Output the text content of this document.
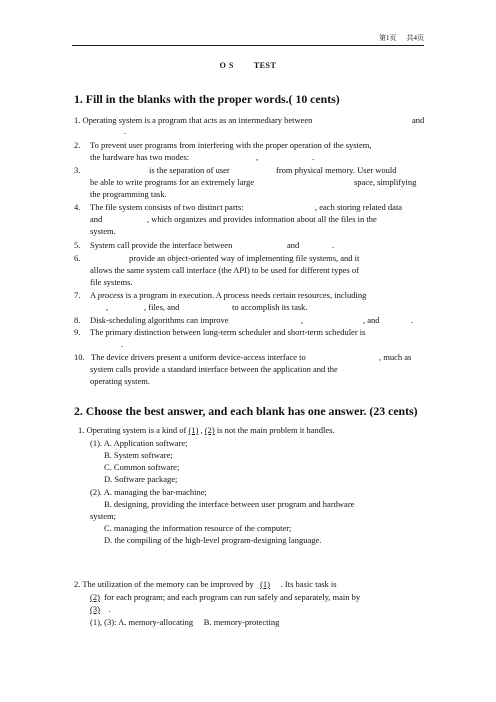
第1页 共4页
O S	TEST
1. Fill in the blanks with the proper words.( 10 cents)
1. Operating system is a program that acts as an intermediary between	and
.
2. To prevent user programs from interfering with the proper operation of the system,
the hardware has two modes:	,	.
3.	is the separation of user	from physical memory. User would
be able to write programs for an extremely large	space, simplifying
the programming task.
4. The file system consists of two distinct parts:	, each storing related data
and	, which organizes and provides information about all the files in the
system.
5. System call provide the interface between	and	.
6.	provide an object-oriented way of implementing file systems, and it
allows the same system call interface (the API) to be used for different types of
file systems.
7. A process is a program in execution. A process needs certain resources, including
,	, files, and	to accomplish its task.
8. Disk-scheduling algorithms can improve	,	, and	.
9. The primary distinction between long-term scheduler and short-term scheduler is
.
10. The device drivers present a uniform device-access interface to	, much as
system calls provide a standard interface between the application and the
operating system.
2. Choose the best answer, and each blank has one answer. (23 cents)
1. Operating system is a kind of (1) , (2) is not the main problem it handles.
(1). A. Application software;
B. System software;
C. Common software;
D. Software package;
(2). A. managing the bar-machine;
B. designing, providing the interface between user program and hardware
system;
C. managing the information resource of the computer;
D. the compiling of the high-level program-designing language.
2. The utilization of the memory can be improved by (1) . Its basic task is
(2) for each program; and each program can run safely and separately, main by
(3) .
(1), (3): A. memory-allocating B. memory-protecting
